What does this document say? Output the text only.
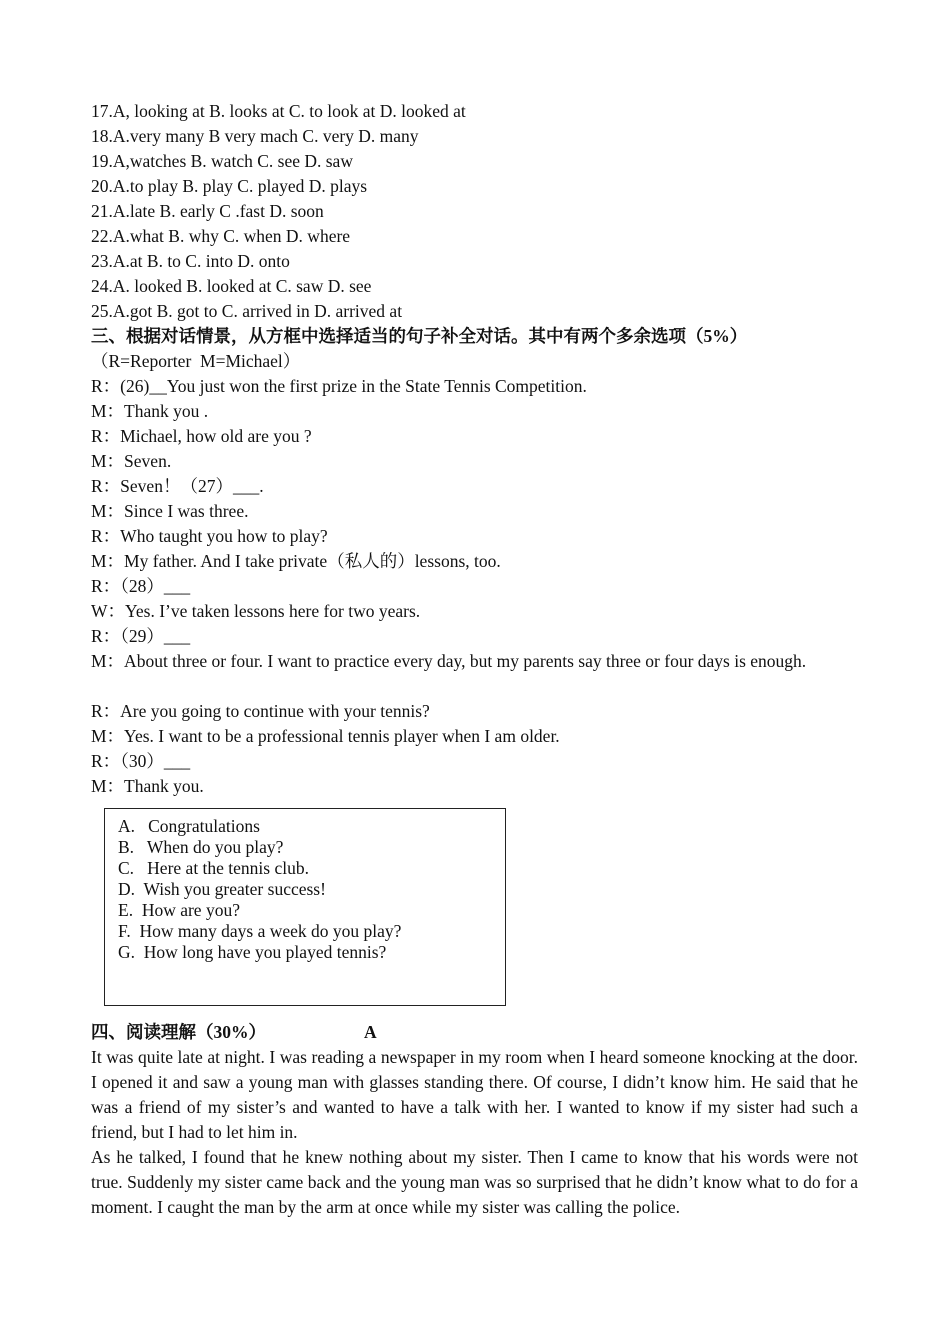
17.A, looking at B. looks at C. to look at D. looked at
18.A.very many B very mach C. very D. many
19.A,watches B. watch C. see D. saw
20.A.to play B. play C. played D. plays
21.A.late B. early C .fast D. soon
22.A.what B. why C. when D. where
23.A.at B. to C. into D. onto
24.A. looked B. looked at C. saw D. see
25.A.got B. got to C. arrived in D. arrived at
三、根据对话情景，从方框中选择适当的句子补全对话。其中有两个多余选项（5%）
（R=Reporter  M=Michael）
R：(26)__You just won the first prize in the State Tennis Competition.
M：Thank you .
R：Michael, how old are you ?
M：Seven.
R：Seven！（27）___.
M：Since I was three.
R：Who taught you how to play?
M：My father. And I take private（私人的）lessons, too.
R：（28）___
W：Yes. I’ve taken lessons here for two years.
R：（29）___
M：About three or four. I want to practice every day, but my parents say three or four days is enough.
R：Are you going to continue with your tennis?
M：Yes. I want to be a professional tennis player when I am older.
R：（30）___
M：Thank you.
A.   Congratulations
B.   When do you play?
C.   Here at the tennis club.
D.  Wish you greater success!
E.  How are you?
F.  How many days a week do you play?
G.  How long have you played tennis?
四、阅读理解（30%）	A
It was quite late at night. I was reading a newspaper in my room when I heard someone knocking at the door. I opened it and saw a young man with glasses standing there. Of course, I didn’t know him. He said that he was a friend of my sister’s and wanted to have a talk with her. I wanted to know if my sister had such a friend, but I had to let him in.
As he talked, I found that he knew nothing about my sister. Then I came to know that his words were not true. Suddenly my sister came back and the young man was so surprised that he didn’t know what to do for a moment. I caught the man by the arm at once while my sister was calling the police.
